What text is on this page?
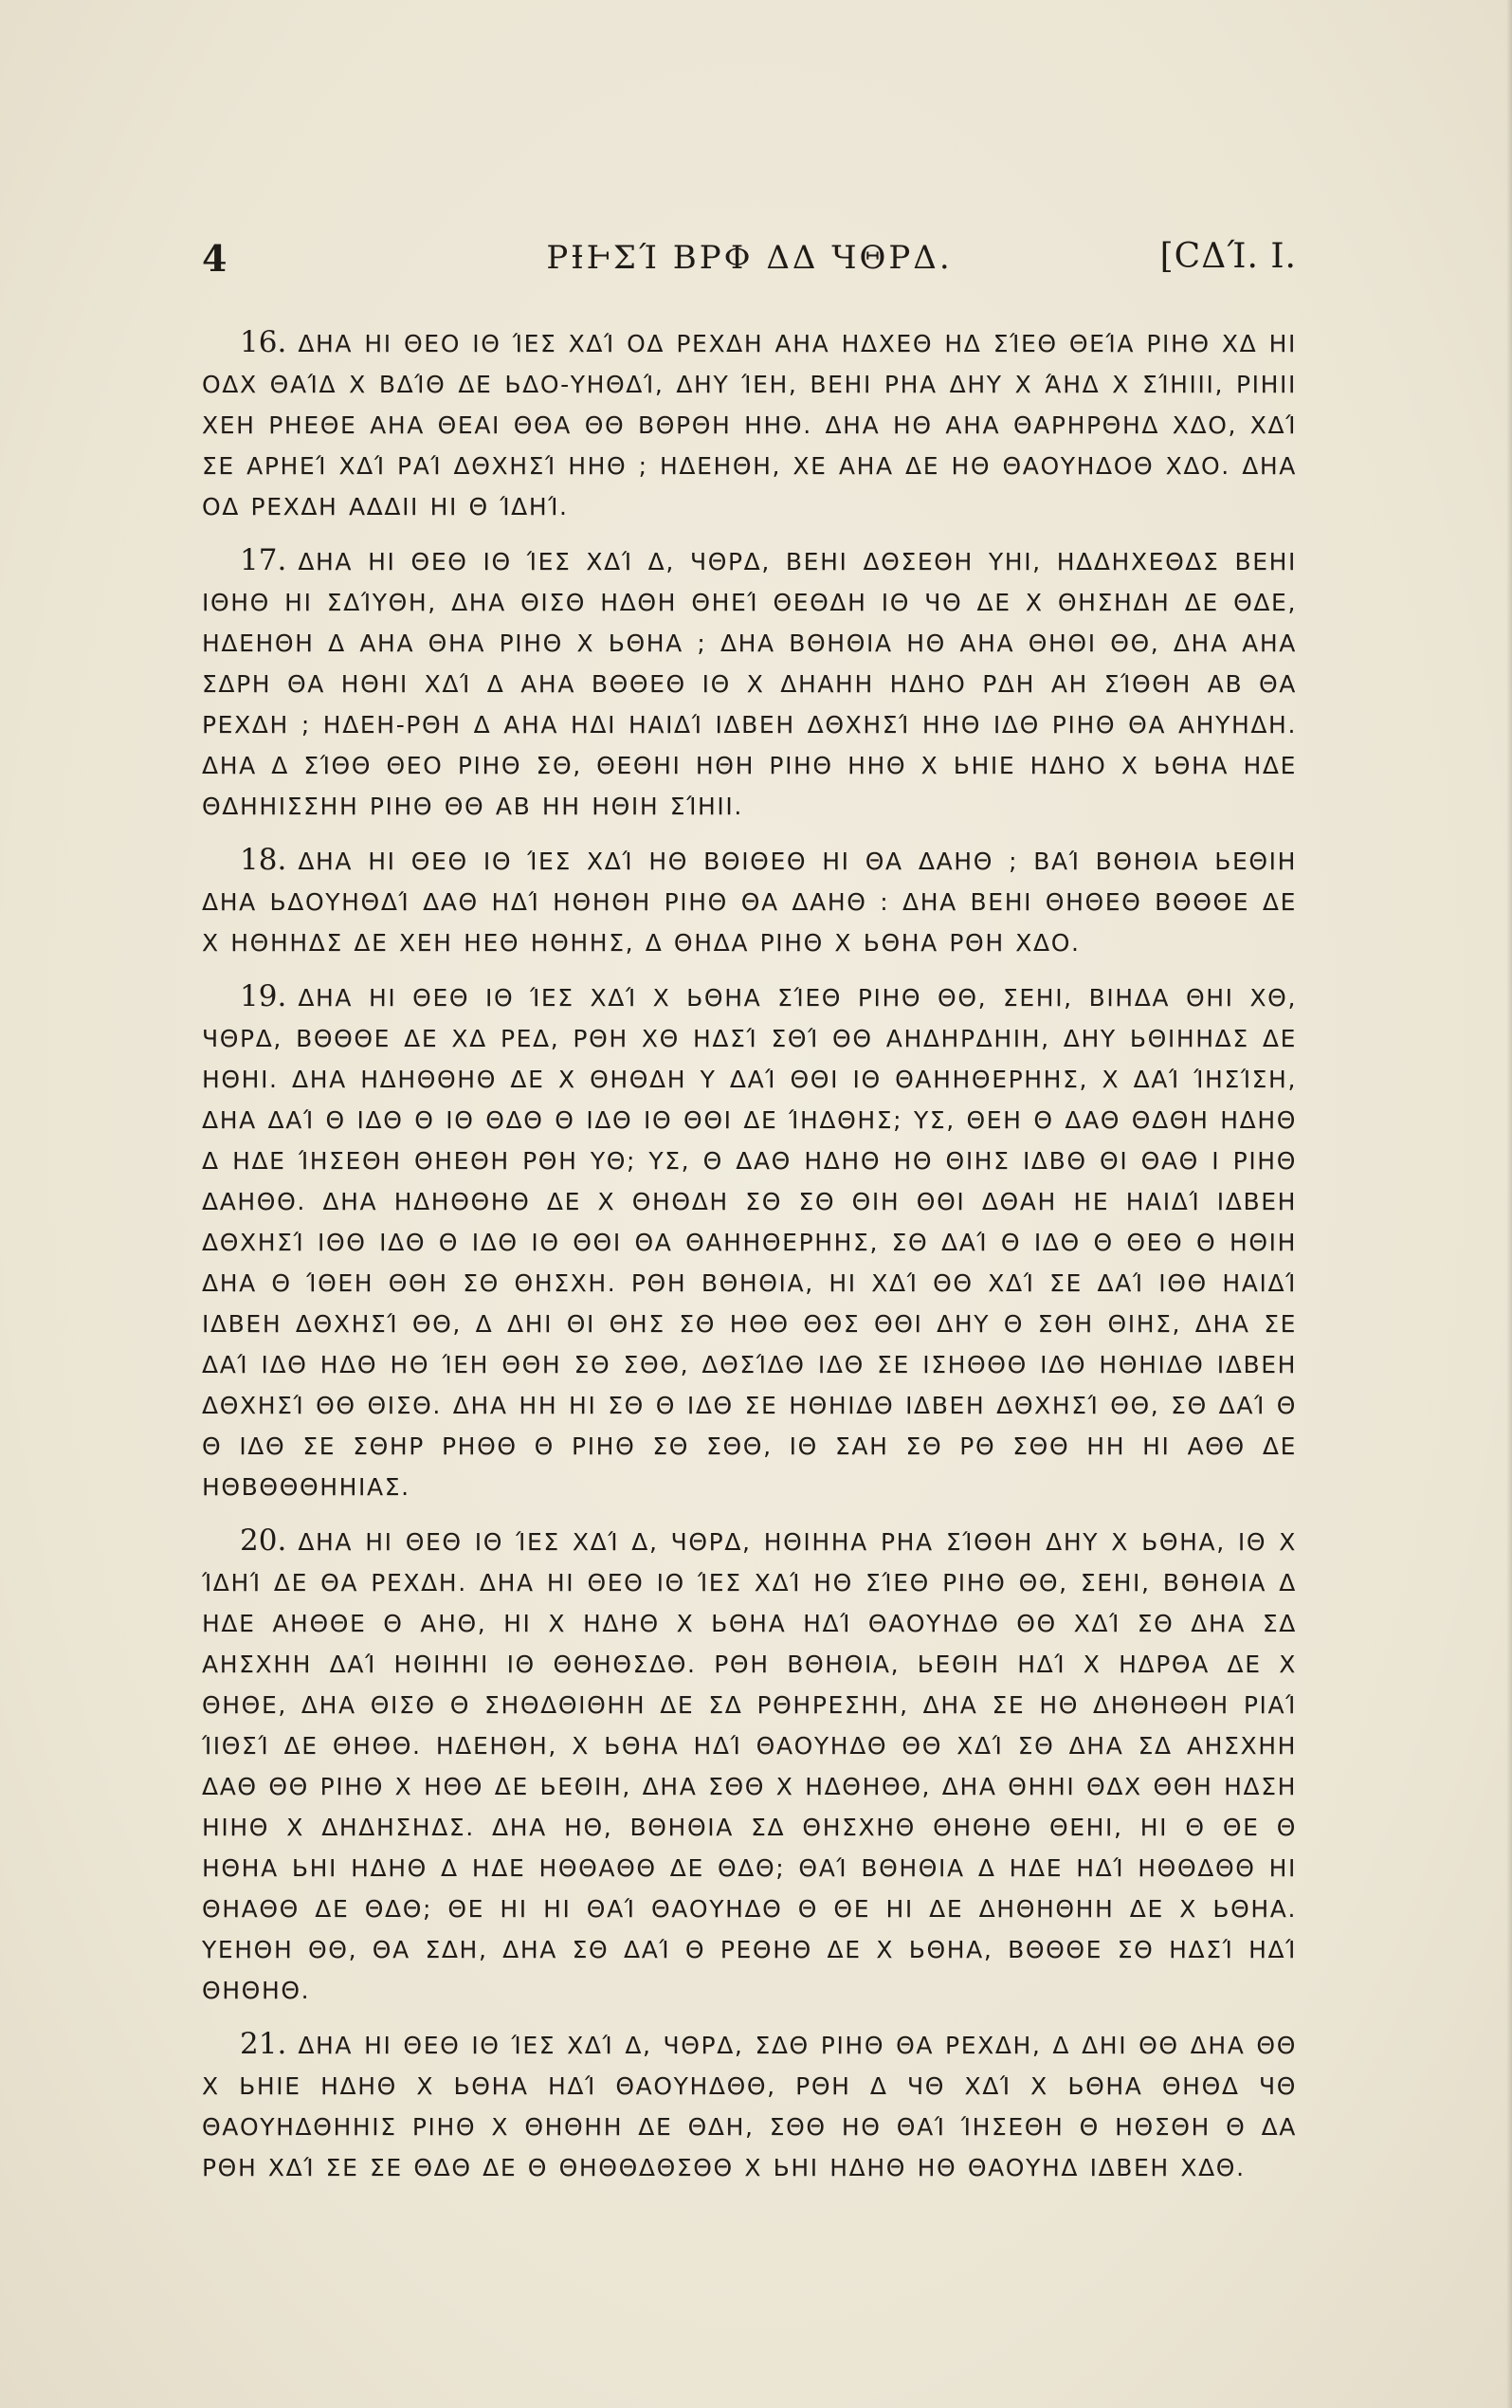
4	ΡƗͰΣΊ ΒΡΦ ΔΔ ЧΘΡΔ.	[CΔΊ. I.

16. ΔΗΑ ΗΙ ΘΕΟ ΙΘ ΊΕΣ ΧΔΊ ΟΔ ΡΕΧΔΗ ΑΗΑ ΗΔΧΕΘ ΗΔ ΣΊΕΘ ΘΕΊΑ ΡΙΗΘ ΧΔ ΗΙ ΟΔΧ ΘΑΊΔ Χ ΒΔΊΘ ΔΕ ЬΔΟ-ΥΗΘΔΊ, ΔΗΥ ΊΕΗ, ΒΕΗΙ ΡΗΑ ΔΗΥ Χ ΆΗΔ Χ ΣΊΗΙΙΙ, ΡΙΗΙΙ ΧΕΗ ΡΗΕΘΕ ΑΗΑ ΘΕΑΙ ΘΘΑ ΘΘ ΒΘΡΘΗ ΗΗΘ. ΔΗΑ ΗΘ ΑΗΑ ΘΑΡΗΡΘΗΔ ΧΔΟ, ΧΔΊ ΣΕ ΑΡΗΕΊ ΧΔΊ ΡΑΊ ΔΘΧΗΣΊ ΗΗΘ ; ΗΔΕΗΘΗ, ΧΕ ΑΗΑ ΔΕ ΗΘ ΘΑΟΥΗΔΟΘ ΧΔΟ. ΔΗΑ ΟΔ ΡΕΧΔΗ ΑΔΔΙΙ ΗΙ Θ ΊΔΗΊ.

17. ΔΗΑ ΗΙ ΘΕΘ ΙΘ ΊΕΣ ΧΔΊ Δ, ЧΘΡΔ, ΒΕΗΙ ΔΘΣΕΘΗ ΥΗΙ, ΗΔΔΗΧΕΘΔΣ ΒΕΗΙ ΙΘΗΘ ΗΙ ΣΔΊΥΘΗ, ΔΗΑ ΘΙΣΘ ΗΔΘΗ ΘΗΕΊ ΘΕΘΔΗ ΙΘ ЧΘ ΔΕ Χ ΘΗΣΗΔΗ ΔΕ ΘΔΕ, ΗΔΕΗΘΗ Δ ΑΗΑ ΘΗΑ ΡΙΗΘ Χ ЬΘΗΑ ; ΔΗΑ ΒΘΗΘΙΑ ΗΘ ΑΗΑ ΘΗΘΙ ΘΘ, ΔΗΑ ΑΗΑ ΣΔΡΗ ΘΑ ΗΘΗΙ ΧΔΊ Δ ΑΗΑ ΒΘΘΕΘ ΙΘ Χ ΔΗΑΗΗ ΗΔΗΟ ΡΔΗ ΑΗ ΣΊΘΘΗ ΑΒ ΘΑ ΡΕΧΔΗ ; ΗΔΕΗ-ΡΘΗ Δ ΑΗΑ ΗΔΙ ΗΑΙΔΊ ΙΔΒΕΗ ΔΘΧΗΣΊ ΗΗΘ ΙΔΘ ΡΙΗΘ ΘΑ ΑΗΥΗΔΗ. ΔΗΑ Δ ΣΊΘΘ ΘΕΟ ΡΙΗΘ ΣΘ, ΘΕΘΗΙ ΗΘΗ ΡΙΗΘ ΗΗΘ Χ ЬΗΙΕ ΗΔΗΟ Χ ЬΘΗΑ ΗΔΕ ΘΔΗΗΙΣΣΗΗ ΡΙΗΘ ΘΘ ΑΒ ΗΗ ΗΘΙΗ ΣΊΗΙΙ.

18. ΔΗΑ ΗΙ ΘΕΘ ΙΘ ΊΕΣ ΧΔΊ ΗΘ ΒΘΙΘΕΘ ΗΙ ΘΑ ΔΑΗΘ ; ΒΑΊ ΒΘΗΘΙΑ ЬΕΘΙΗ ΔΗΑ ЬΔΟΥΗΘΔΊ ΔΑΘ ΗΔΊ ΗΘΗΘΗ ΡΙΗΘ ΘΑ ΔΑΗΘ : ΔΗΑ ΒΕΗΙ ΘΗΘΕΘ ΒΘΘΘΕ ΔΕ Χ ΗΘΗΗΔΣ ΔΕ ΧΕΗ ΗΕΘ ΗΘΗΗΣ, Δ ΘΗΔΑ ΡΙΗΘ Χ ЬΘΗΑ ΡΘΗ ΧΔΟ.

19. ΔΗΑ ΗΙ ΘΕΘ ΙΘ ΊΕΣ ΧΔΊ Χ ЬΘΗΑ ΣΊΕΘ ΡΙΗΘ ΘΘ, ΣΕΗΙ, ΒΙΗΔΑ ΘΗΙ ΧΘ, ЧΘΡΔ, ΒΘΘΘΕ ΔΕ ΧΔ ΡΕΔ, ΡΘΗ ΧΘ ΗΔΣΊ ΣΘΊ ΘΘ ΑΗΔΗΡΔΗΙΗ, ΔΗΥ ЬΘΙΗΗΔΣ ΔΕ ΗΘΗΙ. ΔΗΑ ΗΔΗΘΘΗΘ ΔΕ Χ ΘΗΘΔΗ Υ ΔΑΊ ΘΘΙ ΙΘ ΘΑΗΗΘΕΡΗΗΣ, Χ ΔΑΊ ΊΗΣΊΣΗ, ΔΗΑ ΔΑΊ Θ ΙΔΘ Θ ΙΘ ΘΔΘ Θ ΙΔΘ ΙΘ ΘΘΙ ΔΕ ΊΗΔΘΗΣ; ΥΣ, ΘΕΗ Θ ΔΑΘ ΘΔΘΗ ΗΔΗΘ Δ ΗΔΕ ΊΗΣΕΘΗ ΘΗΕΘΗ ΡΘΗ ΥΘ; ΥΣ, Θ ΔΑΘ ΗΔΗΘ ΗΘ ΘΙΗΣ ΙΔΒΘ ΘΙ ΘΑΘ Ι ΡΙΗΘ ΔΑΗΘΘ. ΔΗΑ ΗΔΗΘΘΗΘ ΔΕ Χ ΘΗΘΔΗ ΣΘ ΣΘ ΘΙΗ ΘΘΙ ΔΘΑΗ ΗΕ ΗΑΙΔΊ ΙΔΒΕΗ ΔΘΧΗΣΊ ΙΘΘ ΙΔΘ Θ ΙΔΘ ΙΘ ΘΘΙ ΘΑ ΘΑΗΗΘΕΡΗΗΣ, ΣΘ ΔΑΊ Θ ΙΔΘ Θ ΘΕΘ Θ ΗΘΙΗ ΔΗΑ Θ ΊΘΕΗ ΘΘΗ ΣΘ ΘΗΣΧΗ. ΡΘΗ ΒΘΗΘΙΑ, ΗΙ ΧΔΊ ΘΘ ΧΔΊ ΣΕ ΔΑΊ ΙΘΘ ΗΑΙΔΊ ΙΔΒΕΗ ΔΘΧΗΣΊ ΘΘ, Δ ΔΗΙ ΘΙ ΘΗΣ ΣΘ ΗΘΘ ΘΘΣ ΘΘΙ ΔΗΥ Θ ΣΘΗ ΘΙΗΣ, ΔΗΑ ΣΕ ΔΑΊ ΙΔΘ ΗΔΘ ΗΘ ΊΕΗ ΘΘΗ ΣΘ ΣΘΘ, ΔΘΣΊΔΘ ΙΔΘ ΣΕ ΙΣΗΘΘΘ ΙΔΘ ΗΘΗΙΔΘ ΙΔΒΕΗ ΔΘΧΗΣΊ ΘΘ ΘΙΣΘ. ΔΗΑ ΗΗ ΗΙ ΣΘ Θ ΙΔΘ ΣΕ ΗΘΗΙΔΘ ΙΔΒΕΗ ΔΘΧΗΣΊ ΘΘ, ΣΘ ΔΑΊ Θ Θ ΙΔΘ ΣΕ ΣΘΗΡ ΡΗΘΘ Θ ΡΙΗΘ ΣΘ ΣΘΘ, ΙΘ ΣΑΗ ΣΘ ΡΘ ΣΘΘ ΗΗ ΗΙ ΑΘΘ ΔΕ ΗΘΒΘΘΘΗΗΙΑΣ.

20. ΔΗΑ ΗΙ ΘΕΘ ΙΘ ΊΕΣ ΧΔΊ Δ, ЧΘΡΔ, ΗΘΙΗΗΑ ΡΗΑ ΣΊΘΘΗ ΔΗΥ Χ ЬΘΗΑ, ΙΘ Χ ΊΔΗΊ ΔΕ ΘΑ ΡΕΧΔΗ. ΔΗΑ ΗΙ ΘΕΘ ΙΘ ΊΕΣ ΧΔΊ ΗΘ ΣΊΕΘ ΡΙΗΘ ΘΘ, ΣΕΗΙ, ΒΘΗΘΙΑ Δ ΗΔΕ ΑΗΘΘΕ Θ ΑΗΘ, ΗΙ Χ ΗΔΗΘ Χ ЬΘΗΑ ΗΔΊ ΘΑΟΥΗΔΘ ΘΘ ΧΔΊ ΣΘ ΔΗΑ ΣΔ ΑΗΣΧΗΗ ΔΑΊ ΗΘΙΗΗΙ ΙΘ ΘΘΗΘΣΔΘ. ΡΘΗ ΒΘΗΘΙΑ, ЬΕΘΙΗ ΗΔΊ Χ ΗΔΡΘΑ ΔΕ Χ ΘΗΘΕ, ΔΗΑ ΘΙΣΘ Θ ΣΗΘΔΘΙΘΗΗ ΔΕ ΣΔ ΡΘΗΡΕΣΗΗ, ΔΗΑ ΣΕ ΗΘ ΔΗΘΗΘΘΗ ΡΙΑΊ ΊΙΘΣΊ ΔΕ ΘΗΘΘ. ΗΔΕΗΘΗ, Χ ЬΘΗΑ ΗΔΊ ΘΑΟΥΗΔΘ ΘΘ ΧΔΊ ΣΘ ΔΗΑ ΣΔ ΑΗΣΧΗΗ ΔΑΘ ΘΘ ΡΙΗΘ Χ ΗΘΘ ΔΕ ЬΕΘΙΗ, ΔΗΑ ΣΘΘ Χ ΗΔΘΗΘΘ, ΔΗΑ ΘΗΗΙ ΘΔΧ ΘΘΗ ΗΔΣΗ ΗΙΗΘ Χ ΔΗΔΗΣΗΔΣ. ΔΗΑ ΗΘ, ΒΘΗΘΙΑ ΣΔ ΘΗΣΧΗΘ ΘΗΘΗΘ ΘΕΗΙ, ΗΙ Θ ΘΕ Θ ΗΘΗΑ ЬΗΙ ΗΔΗΘ Δ ΗΔΕ ΗΘΘΑΘΘ ΔΕ ΘΔΘ; ΘΑΊ ΒΘΗΘΙΑ Δ ΗΔΕ ΗΔΊ ΗΘΘΔΘΘ ΗΙ ΘΗΑΘΘ ΔΕ ΘΔΘ; ΘΕ ΗΙ ΗΙ ΘΑΊ ΘΑΟΥΗΔΘ Θ ΘΕ ΗΙ ΔΕ ΔΗΘΗΘΗΗ ΔΕ Χ ЬΘΗΑ. ΥΕΗΘΗ ΘΘ, ΘΑ ΣΔΗ, ΔΗΑ ΣΘ ΔΑΊ Θ ΡΕΘΗΘ ΔΕ Χ ЬΘΗΑ, ΒΘΘΘΕ ΣΘ ΗΔΣΊ ΗΔΊ ΘΗΘΗΘ.

21. ΔΗΑ ΗΙ ΘΕΘ ΙΘ ΊΕΣ ΧΔΊ Δ, ЧΘΡΔ, ΣΔΘ ΡΙΗΘ ΘΑ ΡΕΧΔΗ, Δ ΔΗΙ ΘΘ ΔΗΑ ΘΘ Χ ЬΗΙΕ ΗΔΗΘ Χ ЬΘΗΑ ΗΔΊ ΘΑΟΥΗΔΘΘ, ΡΘΗ Δ ЧΘ ΧΔΊ Χ ЬΘΗΑ ΘΗΘΔ ЧΘ ΘΑΟΥΗΔΘΗΗΙΣ ΡΙΗΘ Χ ΘΗΘΗΗ ΔΕ ΘΔΗ, ΣΘΘ ΗΘ ΘΑΊ ΊΗΣΕΘΗ Θ ΗΘΣΘΗ Θ ΔΑ ΡΘΗ ΧΔΊ ΣΕ ΣΕ ΘΔΘ ΔΕ Θ ΘΗΘΘΔΘΣΘΘ Χ ЬΗΙ ΗΔΗΘ ΗΘ ΘΑΟΥΗΔ ΙΔΒΕΗ ΧΔΘ.
